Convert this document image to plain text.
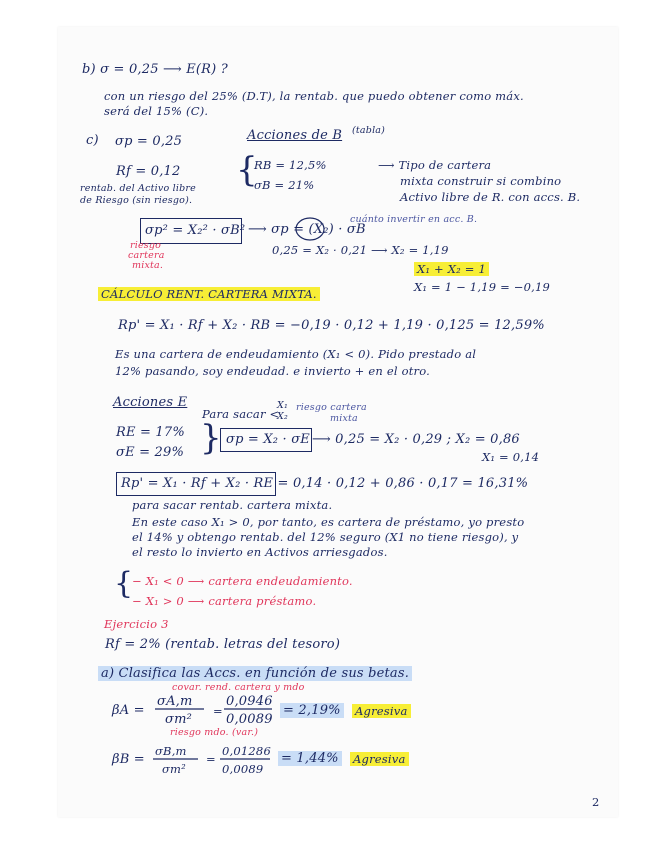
b) σ = 0,25 ⟶ E(R) ?
con un riesgo del 25% (D.T), la rentab. que puedo obtener como máx.
será del 15% (C).
c) σp = 0,25	Acciones de B (tabla)
{
RB = 12,5%
σB = 21%
⟶ Tipo de cartera
mixta construir si combino
Activo libre de R. con accs. B.
Rf = 0,12
rentab. del Activo libre
de Riesgo (sin riesgo).
σp² = X₂² · σB² ⟶ σp = (X₂) · σB
cuánto invertir en acc. B.
riesgo
cartera
mixta.
0,25 = X₂ · 0,21 ⟶ X₂ = 1,19
X₁ + X₂ = 1
X₁ = 1 − 1,19 = −0,19
CÁLCULO RENT. CARTERA MIXTA.
Rp' = X₁ · Rf + X₂ · RB = −0,19 · 0,12 + 1,19 · 0,125 = 12,59%
Es una cartera de endeudamiento (X₁ < 0). Pido prestado al
12% pasando, soy endeudad. e invierto + en el otro.
Acciones E
Para sacar <
X₁
X₂
riesgo cartera
mixta
RE = 17%
σE = 29% } σp = X₂ · σE ⟶ 0,25 = X₂ · 0,29 ; X₂ = 0,86
X₁ = 0,14
Rp' = X₁ · Rf + X₂ · RE = 0,14 · 0,12 + 0,86 · 0,17 = 16,31%
para sacar rentab. cartera mixta.
En este caso X₁ > 0, por tanto, es cartera de préstamo, yo presto
el 14% y obtengo rentab. del 12% seguro (X1 no tiene riesgo), y
el resto lo invierto en Activos arriesgados.
{
− X₁ < 0 ⟶ cartera endeudamiento.
− X₁ > 0 ⟶ cartera préstamo.
Ejercicio 3
Rf = 2% (rentab. letras del tesoro)
a) Clasifica las Accs. en función de sus betas.
covar. rend. cartera y mdo
βA =
σA,m
σm²
=
0,0946
0,0089
= 2,19% Agresiva
riesgo mdo. (var.)
βB =
σB,m
σm²
=
0,01286
0,0089
= 1,44% Agresiva
2
